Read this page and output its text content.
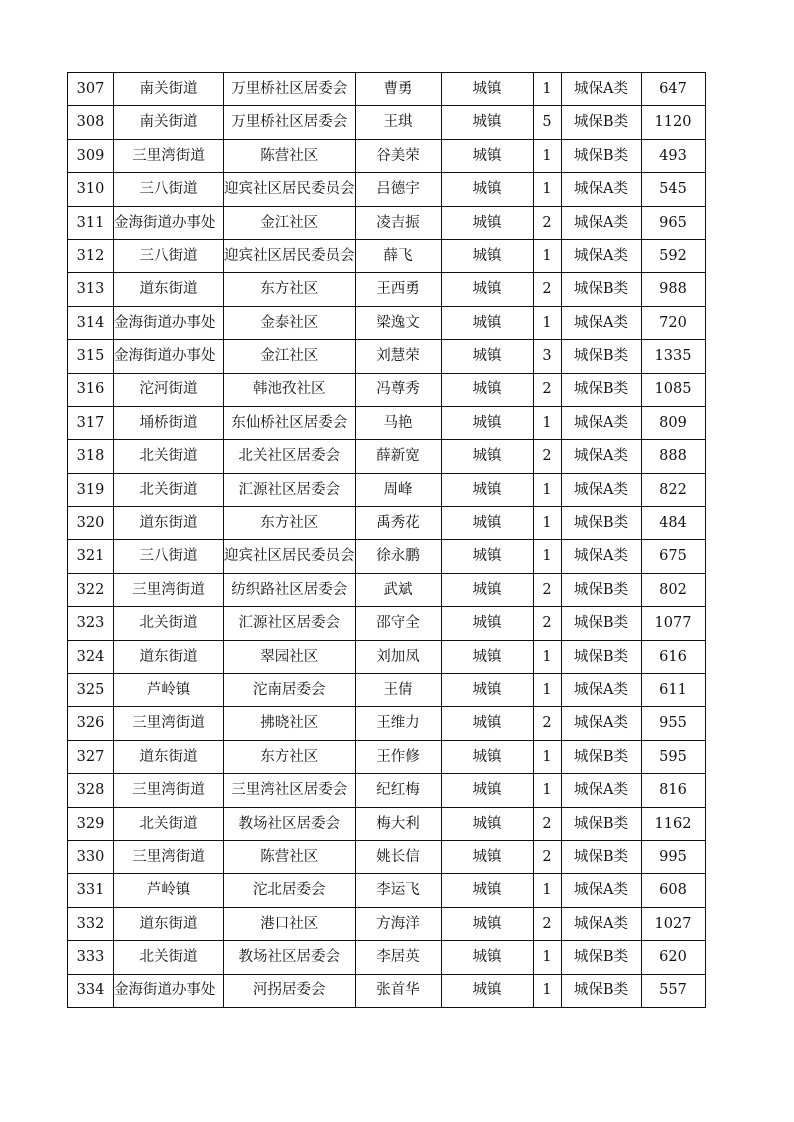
307	南关街道	万里桥社区居委会	曹勇	城镇	1	城保A类	647
308	南关街道	万里桥社区居委会	王琪	城镇	5	城保B类	1120
309	三里湾街道	陈营社区	谷美荣	城镇	1	城保B类	493
310	三八街道	迎宾社区居民委员会	吕德宇	城镇	1	城保A类	545
311	金海街道办事处	金江社区	凌吉振	城镇	2	城保A类	965
312	三八街道	迎宾社区居民委员会	薛飞	城镇	1	城保A类	592
313	道东街道	东方社区	王西勇	城镇	2	城保B类	988
314	金海街道办事处	金泰社区	梁逸文	城镇	1	城保A类	720
315	金海街道办事处	金江社区	刘慧荣	城镇	3	城保B类	1335
316	沱河街道	韩池孜社区	冯尊秀	城镇	2	城保B类	1085
317	埇桥街道	东仙桥社区居委会	马艳	城镇	1	城保A类	809
318	北关街道	北关社区居委会	薛新宽	城镇	2	城保A类	888
319	北关街道	汇源社区居委会	周峰	城镇	1	城保A类	822
320	道东街道	东方社区	禹秀花	城镇	1	城保B类	484
321	三八街道	迎宾社区居民委员会	徐永鹏	城镇	1	城保A类	675
322	三里湾街道	纺织路社区居委会	武斌	城镇	2	城保B类	802
323	北关街道	汇源社区居委会	邵守全	城镇	2	城保B类	1077
324	道东街道	翠园社区	刘加凤	城镇	1	城保B类	616
325	芦岭镇	沱南居委会	王倩	城镇	1	城保A类	611
326	三里湾街道	拂晓社区	王维力	城镇	2	城保A类	955
327	道东街道	东方社区	王作修	城镇	1	城保B类	595
328	三里湾街道	三里湾社区居委会	纪红梅	城镇	1	城保A类	816
329	北关街道	教场社区居委会	梅大利	城镇	2	城保B类	1162
330	三里湾街道	陈营社区	姚长信	城镇	2	城保B类	995
331	芦岭镇	沱北居委会	李运飞	城镇	1	城保A类	608
332	道东街道	港口社区	方海洋	城镇	2	城保A类	1027
333	北关街道	教场社区居委会	李居英	城镇	1	城保B类	620
334	金海街道办事处	河拐居委会	张首华	城镇	1	城保B类	557
